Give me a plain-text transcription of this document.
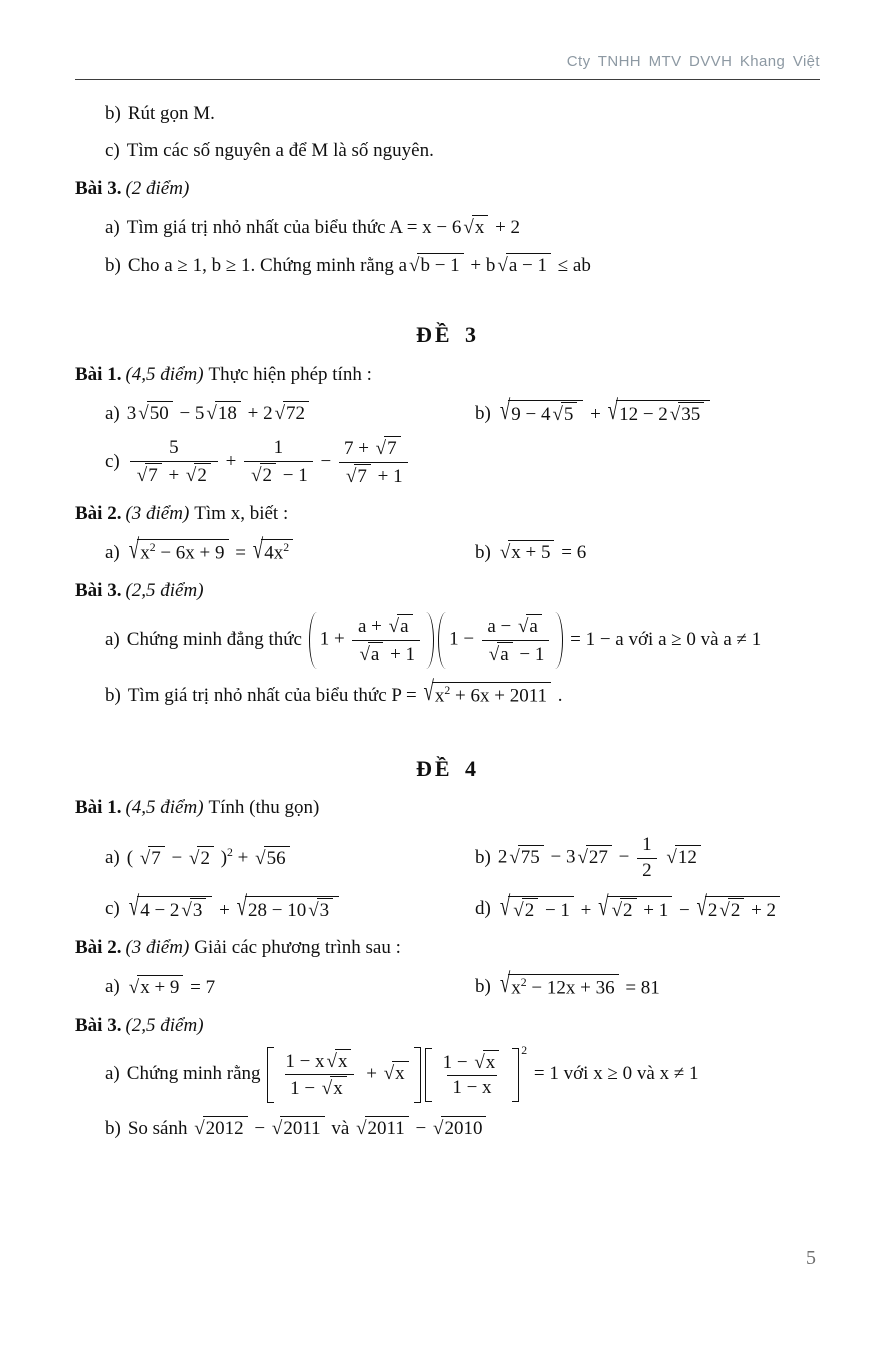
Cty TNHH MTV DVVH Khang Việt
b) Rút gọn M.
c) Tìm các số nguyên a để M là số nguyên.
Bài 3. (2 điểm)
a) Tìm giá trị nhỏ nhất của biểu thức A = x − 6 √ x + 2
b) Cho a ≥ 1, b ≥ 1. Chứng minh rằng a √ b − 1 + b √ a − 1 ≤ ab
ĐỀ 3
Bài 1. (4,5 điểm) Thực hiện phép tính :
a) 3 √ 50 − 5 √ 18 + 2 √ 72	b) √ 9 − 4 √ 5 + √ 12 − 2 √ 35
$c) \frac{5}{√ 7 + √ 2} + \frac{1}{√ 2 - 1} - \frac{7 + √ 7}{√ 7 + 1}$
Bài 2. (3 điểm) Tìm x, biết :
a) √ $x^2 - 6x + 9$ = √ $4x^2$	b) √ x + 5 = 6
Bài 3. (2,5 điểm)
a) Chứng minh đẳng thức $1 + \frac{a + √ a}{√ a + 1} 1 - \frac{a - √ a}{√ a - 1} = 1 - a$ với a ≥ 0 và a ≠ 1
b) Tìm giá trị nhỏ nhất của biểu thức P = √ $x^2 + 6x + 2011$ .
ĐỀ 4
Bài 1. (4,5 điểm) Tính (thu gọn)
a) ( √ 7 − √ 2 )$^2$ + √ 56	b) 2 √ 75 − 3 √ $27 - \frac{1}{2}$
√ 12
c) √ 4 − 2 √ 3 + √ 28 − 10 √ 3	d) √ √ 2 − 1 + √ √ 2 + 1 − √ 2 √ 2 + 2
Bài 2. (3 điểm) Giải các phương trình sau :
a) √ x + 9 = 7	b) √ $x^2 - 12x + 36 = 81$
Bài 3. (2,5 điểm)
a) Chứng minh rằng $\frac{1 - x √ x}{1 - √ x}$ + √ x $\frac{1 - √ x}{1 - x} ^2$
= 1 với x ≥ 0 và x ≠ 1
b) So sánh √ 2012 − √ 2011 và √ 2011 − √ 2010
5
